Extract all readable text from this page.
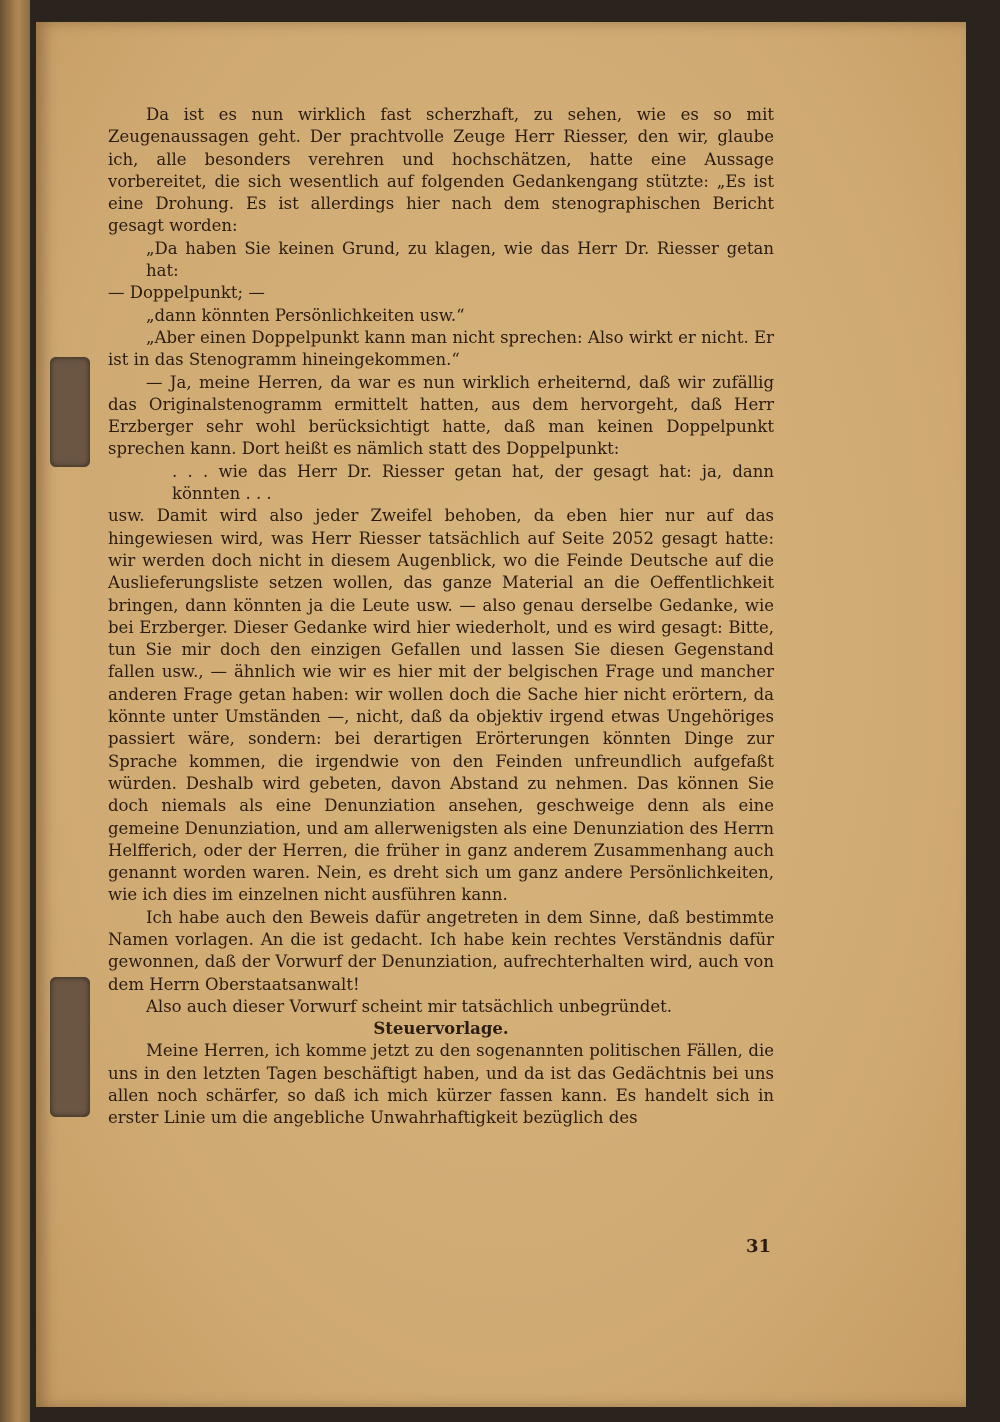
Da ist es nun wirklich fast scherzhaft, zu sehen, wie es so mit Zeugenaussagen geht. Der prachtvolle Zeuge Herr Riesser, den wir, glaube ich, alle besonders verehren und hochschätzen, hatte eine Aussage vorbereitet, die sich wesentlich auf folgenden Gedankengang stützte: „Es ist eine Drohung. Es ist allerdings hier nach dem stenographischen Bericht gesagt worden:

„Da haben Sie keinen Grund, zu klagen, wie das Herr Dr. Riesser getan hat:

— Doppelpunkt; —

„dann könnten Persönlichkeiten usw.“

„Aber einen Doppelpunkt kann man nicht sprechen: Also wirkt er nicht. Er ist in das Stenogramm hineingekommen.“

— Ja, meine Herren, da war es nun wirklich erheiternd, daß wir zufällig das Originalstenogramm ermittelt hatten, aus dem hervorgeht, daß Herr Erzberger sehr wohl berücksichtigt hatte, daß man keinen Doppelpunkt sprechen kann. Dort heißt es nämlich statt des Doppelpunkt:

. . . wie das Herr Dr. Riesser getan hat, der gesagt hat: ja, dann könnten . . .

usw. Damit wird also jeder Zweifel behoben, da eben hier nur auf das hingewiesen wird, was Herr Riesser tatsächlich auf Seite 2052 gesagt hatte: wir werden doch nicht in diesem Augenblick, wo die Feinde Deutsche auf die Auslieferungsliste setzen wollen, das ganze Material an die Oeffentlichkeit bringen, dann könnten ja die Leute usw. — also genau derselbe Gedanke, wie bei Erzberger. Dieser Gedanke wird hier wiederholt, und es wird gesagt: Bitte, tun Sie mir doch den einzigen Gefallen und lassen Sie diesen Gegenstand fallen usw., — ähnlich wie wir es hier mit der belgischen Frage und mancher anderen Frage getan haben: wir wollen doch die Sache hier nicht erörtern, da könnte unter Umständen —, nicht, daß da objektiv irgend etwas Ungehöriges passiert wäre, sondern: bei derartigen Erörterungen könnten Dinge zur Sprache kommen, die irgendwie von den Feinden unfreundlich aufgefaßt würden. Deshalb wird gebeten, davon Abstand zu nehmen. Das können Sie doch niemals als eine Denunziation ansehen, geschweige denn als eine gemeine Denunziation, und am allerwenigsten als eine Denunziation des Herrn Helfferich, oder der Herren, die früher in ganz anderem Zusammenhang auch genannt worden waren. Nein, es dreht sich um ganz andere Persönlichkeiten, wie ich dies im einzelnen nicht ausführen kann.

Ich habe auch den Beweis dafür angetreten in dem Sinne, daß bestimmte Namen vorlagen. An die ist gedacht. Ich habe kein rechtes Verständnis dafür gewonnen, daß der Vorwurf der Denunziation, aufrechterhalten wird, auch von dem Herrn Oberstaatsanwalt!

Also auch dieser Vorwurf scheint mir tatsächlich unbegründet.

Steuervorlage.

Meine Herren, ich komme jetzt zu den sogenannten politischen Fällen, die uns in den letzten Tagen beschäftigt haben, und da ist das Gedächtnis bei uns allen noch schärfer, so daß ich mich kürzer fassen kann. Es handelt sich in erster Linie um die angebliche Unwahrhaftigkeit bezüglich des

31
